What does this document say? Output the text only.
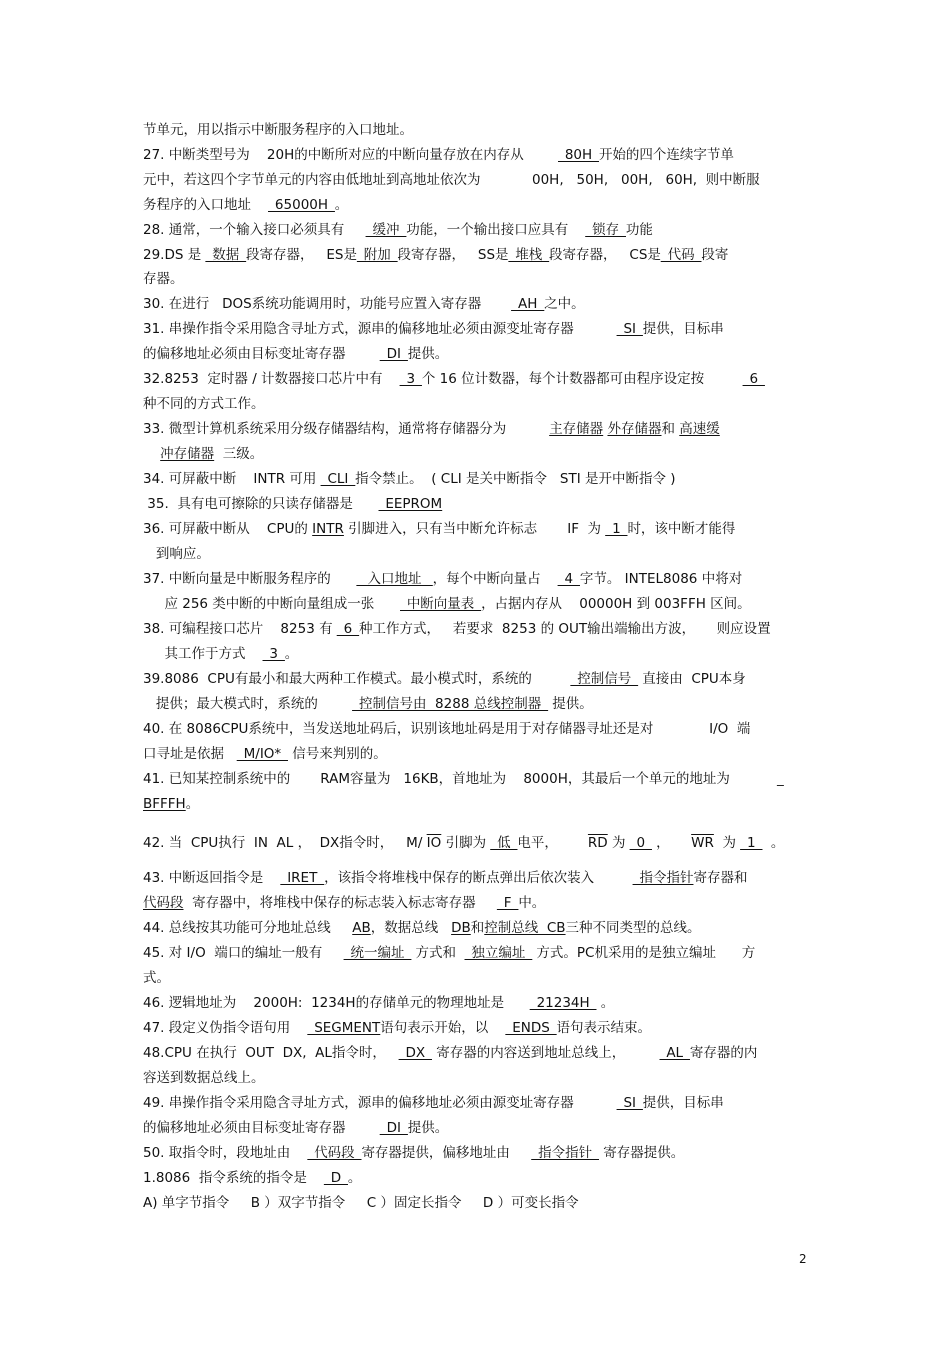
节单元，用以指示中断服务程序的入口地址。
27. 中断类型号为    20H的中断所对应的中断向量存放在内存从        _80H_开始的四个连续字节单
元中，若这四个字节单元的内容由低地址到高地址依次为            00H,   50H,   00H,   60H,  则中断服
务程序的入口地址    _65000H_。
28. 通常，一个输入接口必须具有     _缓冲_功能，一个输出接口应具有    _锁存_功能
29.DS 是 _数据_段寄存器，   ES是_附加_段寄存器，   SS是_堆栈_段寄存器，   CS是_代码_段寄
存器。
30. 在进行   DOS系统功能调用时，功能号应置入寄存器       _AH_之中。
31. 串操作指令采用隐含寻址方式，源串的偏移地址必须由源变址寄存器          _SI_提供，目标串
的偏移地址必须由目标变址寄存器        _DI_提供。
32.8253  定时器 / 计数器接口芯片中有    _3_个 16 位计数器，每个计数器都可由程序设定按         _6_
种不同的方式工作。
33. 微型计算机系统采用分级存储器结构，通常将存储器分为          主存储器 外存储器和 高速缓
冲存储器  三级。
34. 可屏蔽中断    INTR 可用 _CLI_指令禁止。  ( CLI 是关中断指令   STI 是开中断指令 )
35.  具有电可擦除的只读存储器是      _EEPROM
36. 可屏蔽中断从    CPU的 INTR 引脚进入，只有当中断允许标志       IF  为 _1_时，该中断才能得
到响应。
37. 中断向量是中断服务程序的      _ 入口地址 _，每个中断向量占    _4_字节。 INTEL8086 中将对
应 256 类中断的中断向量组成一张      _中断向量表_，占据内存从    00000H 到 003FFH 区间。
38. 可编程接口芯片    8253 有 _6_种工作方式，   若要求  8253 的 OUT输出端输出方波，     则应设置
其工作于方式    _3_。
39.8086  CPU有最小和最大两种工作模式。最小模式时，系统的         _控制信号_ 直接由  CPU本身
提供；最大模式时，系统的        _控制信号由  8288 总线控制器_ 提供。
40. 在 8086CPU系统中，当发送地址码后，识别该地址码是用于对存储器寻址还是对             I/O  端
口寻址是依据   _M/IO*_ 信号来判别的。
41. 已知某控制系统中的       RAM容量为   16KB，首地址为    8000H，其最后一个单元的地址为           _
BFFFH。
42. 当  CPU执行  IN  AL ，  DX指令时，   M/ $\overline{IO}$ 引脚为 _低_电平，       $\overline{RD}$ 为 _0_ ，     $\overline{WR}$  为 _1_  。
43. 中断返回指令是    _IRET_，该指令将堆栈中保存的断点弹出后依次装入         _指令指针寄存器和
代码段  寄存器中，将堆栈中保存的标志装入标志寄存器     _F_中。
44. 总线按其功能可分地址总线     AB，数据总线   DB和控制总线  CB三种不同类型的总线。
45. 对 I/O  端口的编址一般有     _统一编址_ 方式和  _独立编址_ 方式。PC机采用的是独立编址      方
式。
46. 逻辑地址为    2000H:  1234H的存储单元的物理地址是      _21234H_ 。
47. 段定义伪指令语句用    _SEGMENT语句表示开始，以    _ENDS_语句表示结束。
48.CPU 在执行  OUT  DX,  AL指令时，   _DX_ 寄存器的内容送到地址总线上，        _AL_寄存器的内
容送到数据总线上。
49. 串操作指令采用隐含寻址方式，源串的偏移地址必须由源变址寄存器          _SI_提供，目标串
的偏移地址必须由目标变址寄存器        _DI_提供。
50. 取指令时，段地址由    _代码段_寄存器提供，偏移地址由     _指令指针_ 寄存器提供。
1.8086  指令系统的指令是    _D_。
A) 单字节指令     B ）双字节指令     C ）固定长指令     D ）可变长指令
2
